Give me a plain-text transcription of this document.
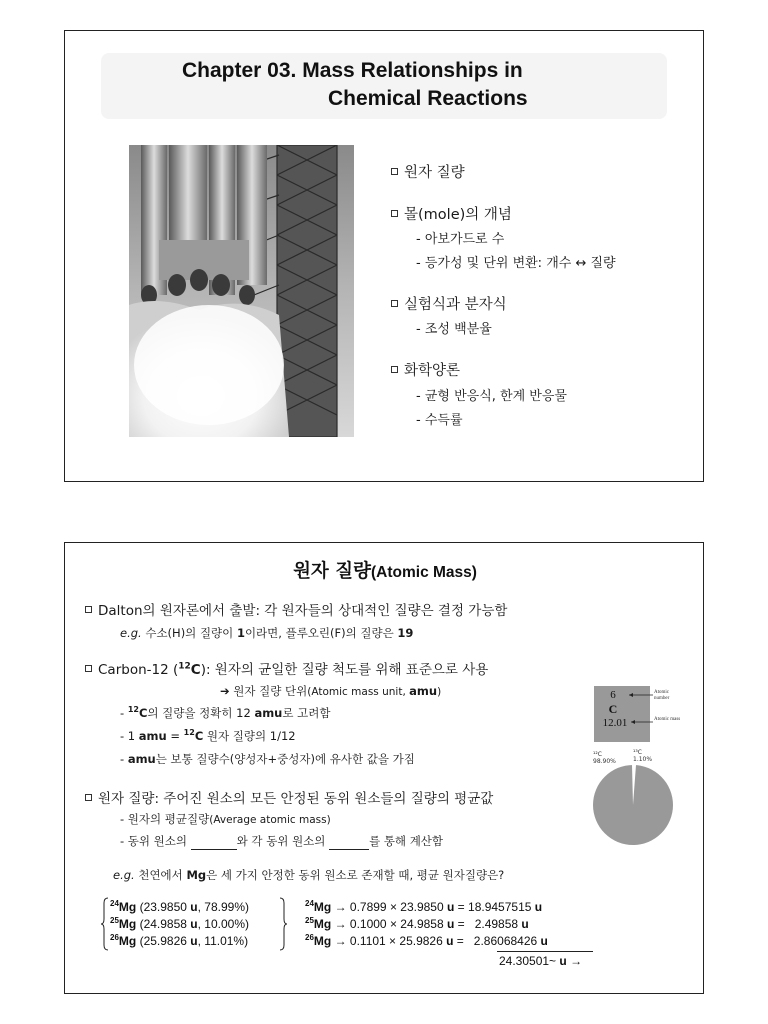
Chapter 03. Mass Relationships in
Chemical Reactions
원자 질량
몰(mole)의 개념
- 아보가드로 수
- 등가성 및 단위 변환: 개수 ↔ 질량
실험식과 분자식
- 조성 백분율
화학양론
- 균형 반응식, 한계 반응물
- 수득률
원자 질량(Atomic Mass)
Dalton의 원자론에서 출발: 각 원자들의 상대적인 질량은 결정 가능함
e.g. 수소(H)의 질량이 1이라면, 플루오린(F)의 질량은 19
Carbon-12 ($^{12}$C): 원자의 균일한 질량 척도를 위해 표준으로 사용
➔ 원자 질량 단위(Atomic mass unit, amu)
- $^{12}$C의 질량을 정확히 12 amu로 고려함
- 1 amu = $^{12}$C 원자 질량의 1/12
- amu는 보통 질량수(양성자+중성자)에 유사한 값을 가짐
6
C
12.01
Atomic number
Atomic mass
¹²C
98.90%
¹³C
1.10%
원자 질량: 주어진 원소의 모든 안정된 동위 원소들의 질량의 평균값
- 원자의 평균질량(Average atomic mass)
- 동위 원소의	와 각 동위 원소의	를 통해 계산함
e.g. 천연에서 Mg은 세 가지 안정한 동위 원소로 존재할 때, 평균 원자질량은?
$^{24}$Mg (23.9850 u, 78.99%)
$^{25}$Mg (24.9858 u, 10.00%)
$^{26}$Mg (25.9826 u, 11.01%)
$^{24}$Mg → 0.7899 × 23.9850 u = 18.9457515 u
$^{25}$Mg → 0.1000 × 24.9858 u =   2.49858 u
$^{26}$Mg → 0.1101 × 25.9826 u =   2.86068426 u
24.30501~ u →
